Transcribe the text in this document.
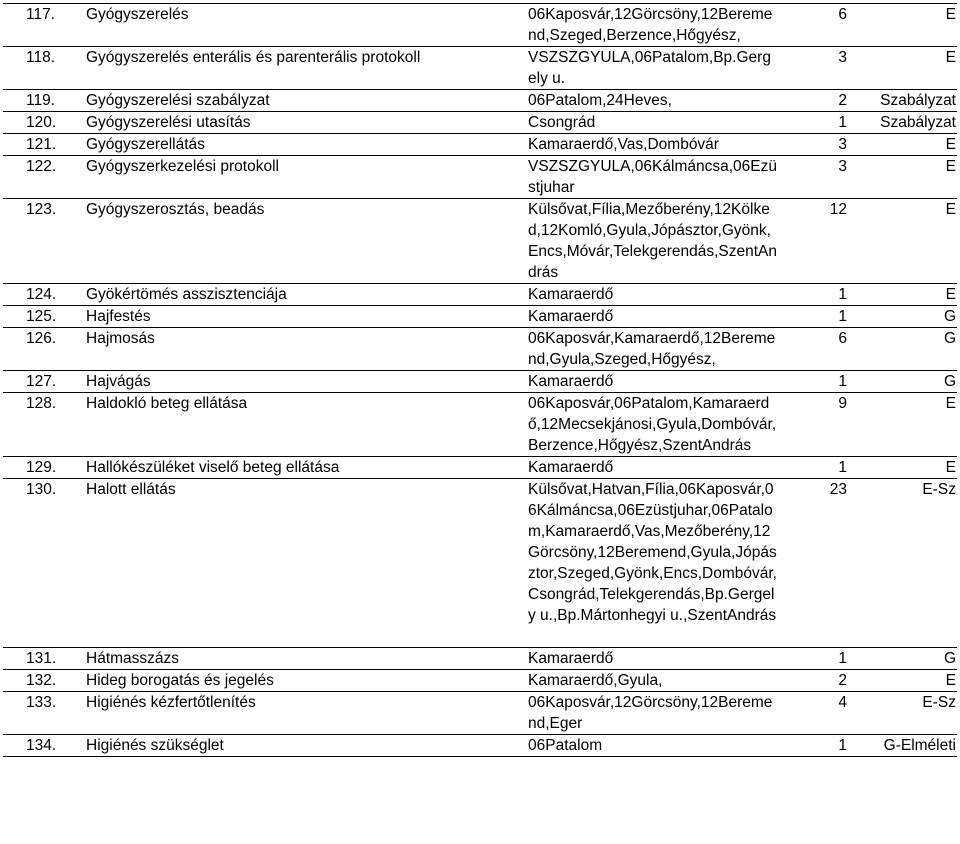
117.	Gyógyszerelés	06Kaposvár,12Görcsöny,12Beremend,Szeged,Berzence,Hőgyész,	6	E
118.	Gyógyszerelés enterális és parenterális protokoll	VSZSZGYULA,06Patalom,Bp.Gergely u.	3	E
119.	Gyógyszerelési szabályzat	06Patalom,24Heves,	2	Szabályzat
120.	Gyógyszerelési utasítás	Csongrád	1	Szabályzat
121.	Gyógyszerellátás	Kamaraerdő,Vas,Dombóvár	3	E
122.	Gyógyszerkezelési protokoll	VSZSZGYULA,06Kálmáncsa,06Ezüstjuhar	3	E
123.	Gyógyszerosztás, beadás	Külsővat,Fília,Mezőberény,12Kölked,12Komló,Gyula,Jópásztor,Gyönk,Encs,Móvár,Telekgerendás,SzentAndrás	12	E
124.	Gyökértömés asszisztenciája	Kamaraerdő	1	E
125.	Hajfestés	Kamaraerdő	1	G
126.	Hajmosás	06Kaposvár,Kamaraerdő,12Beremend,Gyula,Szeged,Hőgyész,	6	G
127.	Hajvágás	Kamaraerdő	1	G
128.	Haldokló beteg ellátása	06Kaposvár,06Patalom,Kamaraerdő,12Mecsekjánosi,Gyula,Dombóvár,Berzence,Hőgyész,SzentAndrás	9	E
129.	Hallókészüléket viselő beteg ellátása	Kamaraerdő	1	E
130.	Halott ellátás	Külsővat,Hatvan,Fília,06Kaposvár,06Kálmáncsa,06Ezüstjuhar,06Patalom,Kamaraerdő,Vas,Mezőberény,12Görcsöny,12Beremend,Gyula,Jópásztor,Szeged,Gyönk,Encs,Dombóvár,Csongrád,Telekgerendás,Bp.Gergely u.,Bp.Mártonhegyi u.,SzentAndrás	23	E-Sz
131.	Hátmasszázs	Kamaraerdő	1	G
132.	Hideg borogatás és jegelés	Kamaraerdő,Gyula,	2	E
133.	Higiénés kézfertőtlenítés	06Kaposvár,12Görcsöny,12Beremend,Eger	4	E-Sz
134.	Higiénés szükséglet	06Patalom	1	G-Elméleti
